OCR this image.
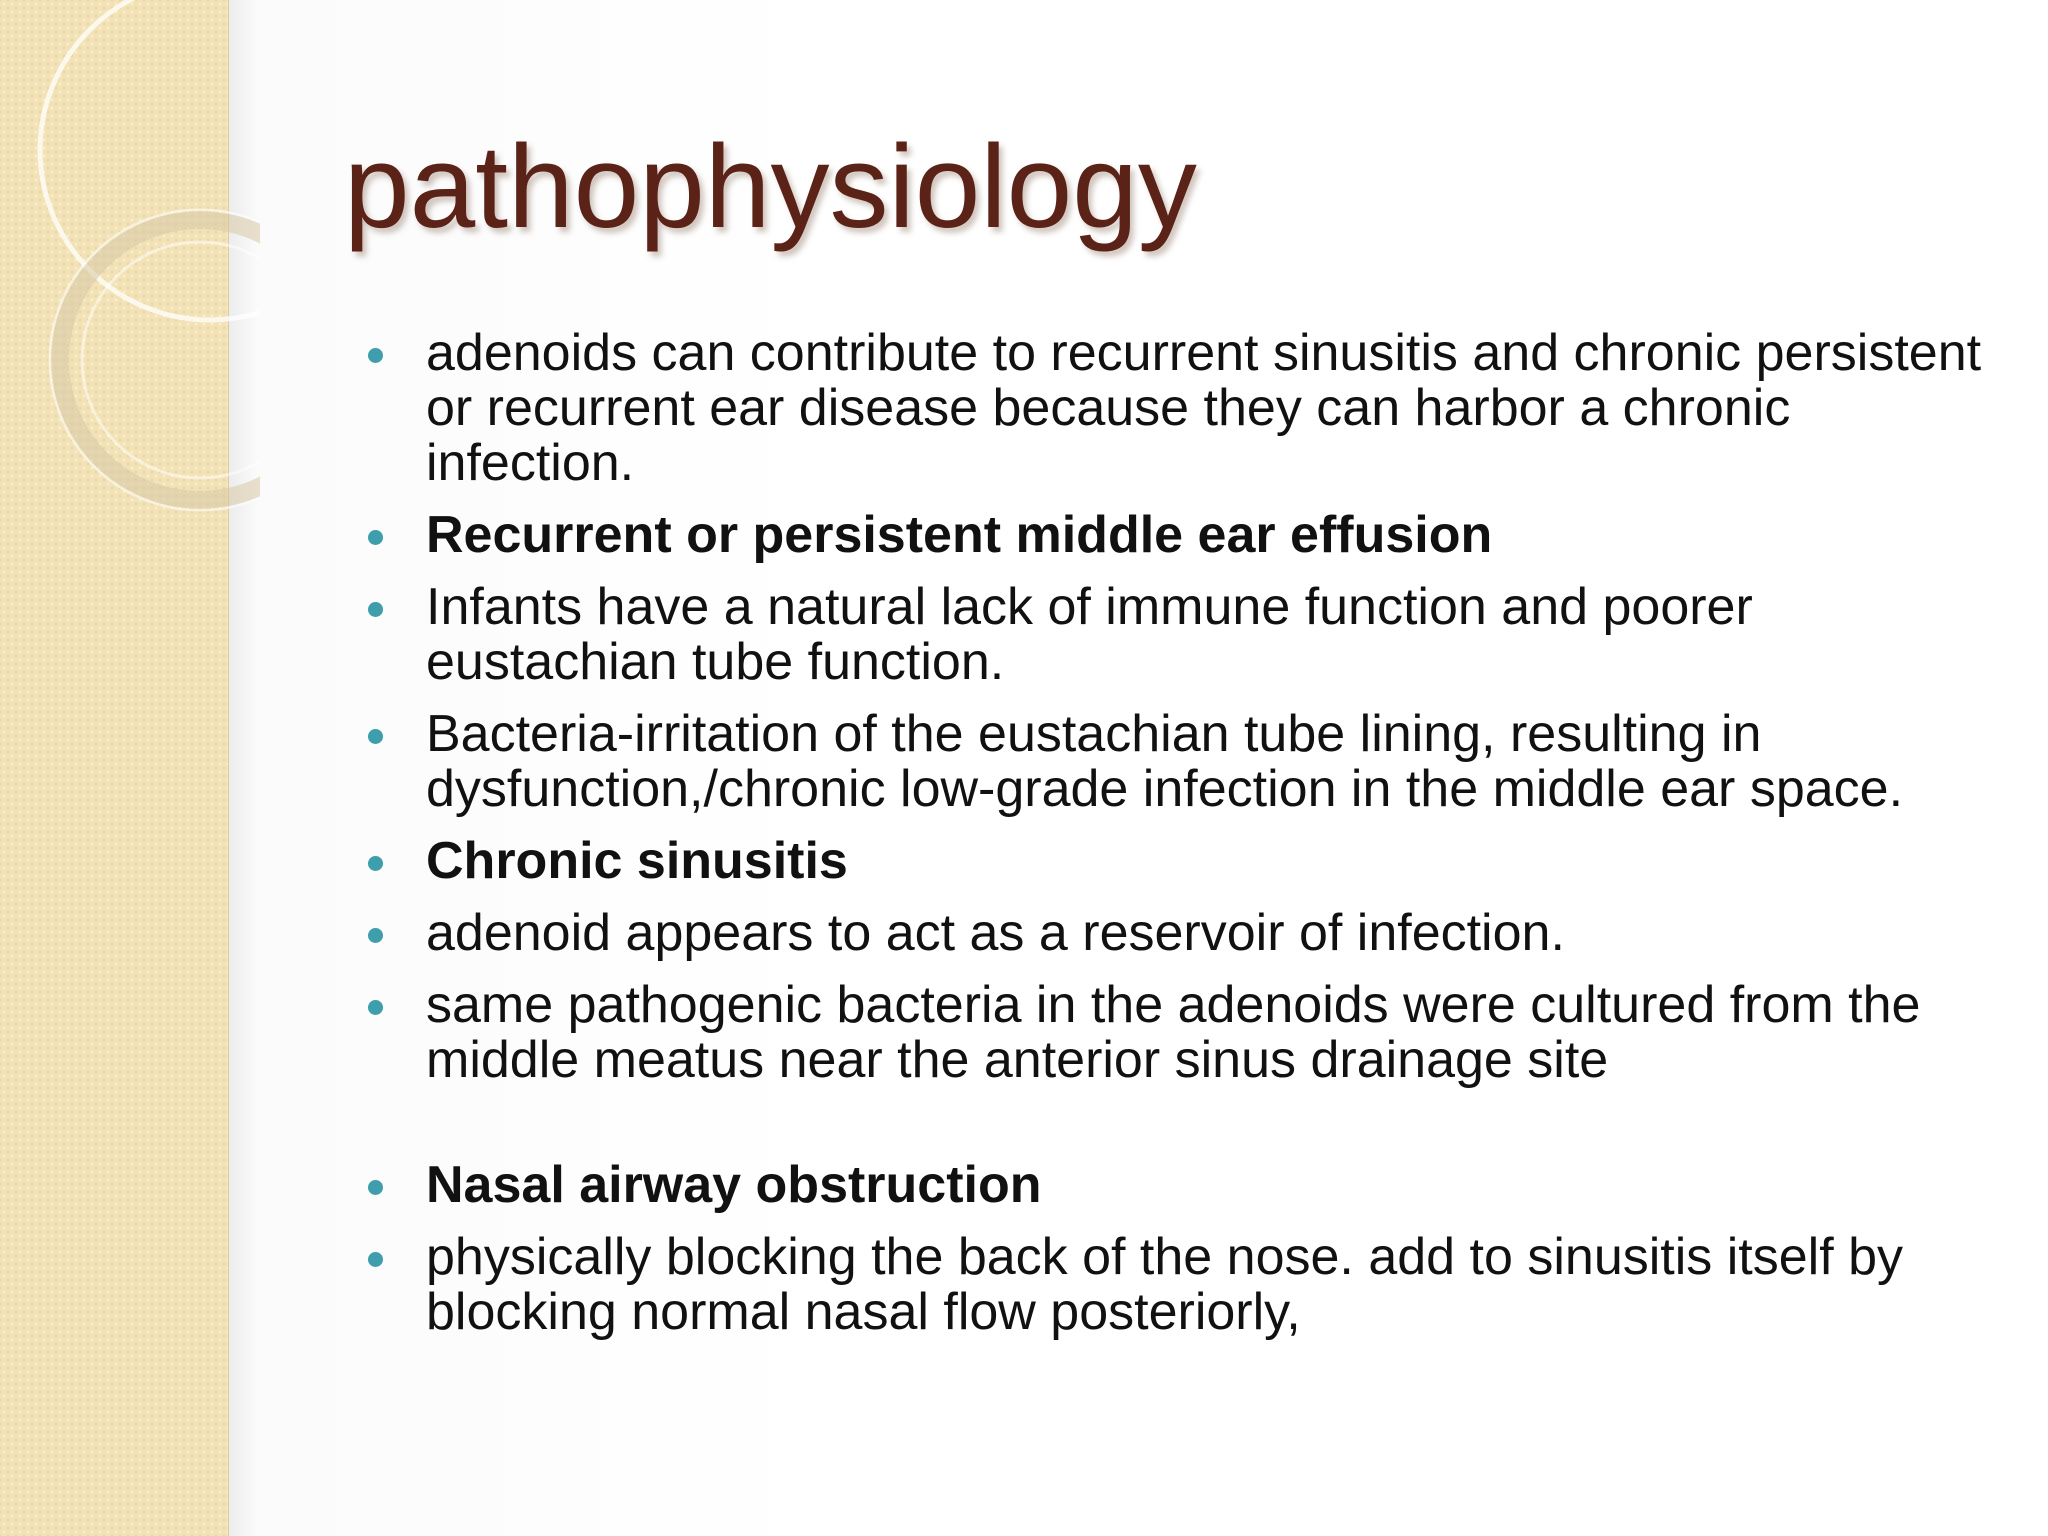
pathophysiology
adenoids can contribute to recurrent sinusitis and chronic persistent or recurrent ear disease because they can harbor a chronic infection.
Recurrent or persistent middle ear effusion
Infants have a natural lack of immune function and poorer eustachian tube function.
Bacteria-irritation of the eustachian tube lining, resulting in dysfunction,/chronic low-grade infection in the middle ear space.
Chronic sinusitis
adenoid appears to act as a reservoir of infection.
same pathogenic bacteria in the adenoids were cultured from the middle meatus near the anterior sinus drainage site
Nasal airway obstruction
physically blocking the back of the nose. add to sinusitis itself by blocking normal nasal flow posteriorly,
